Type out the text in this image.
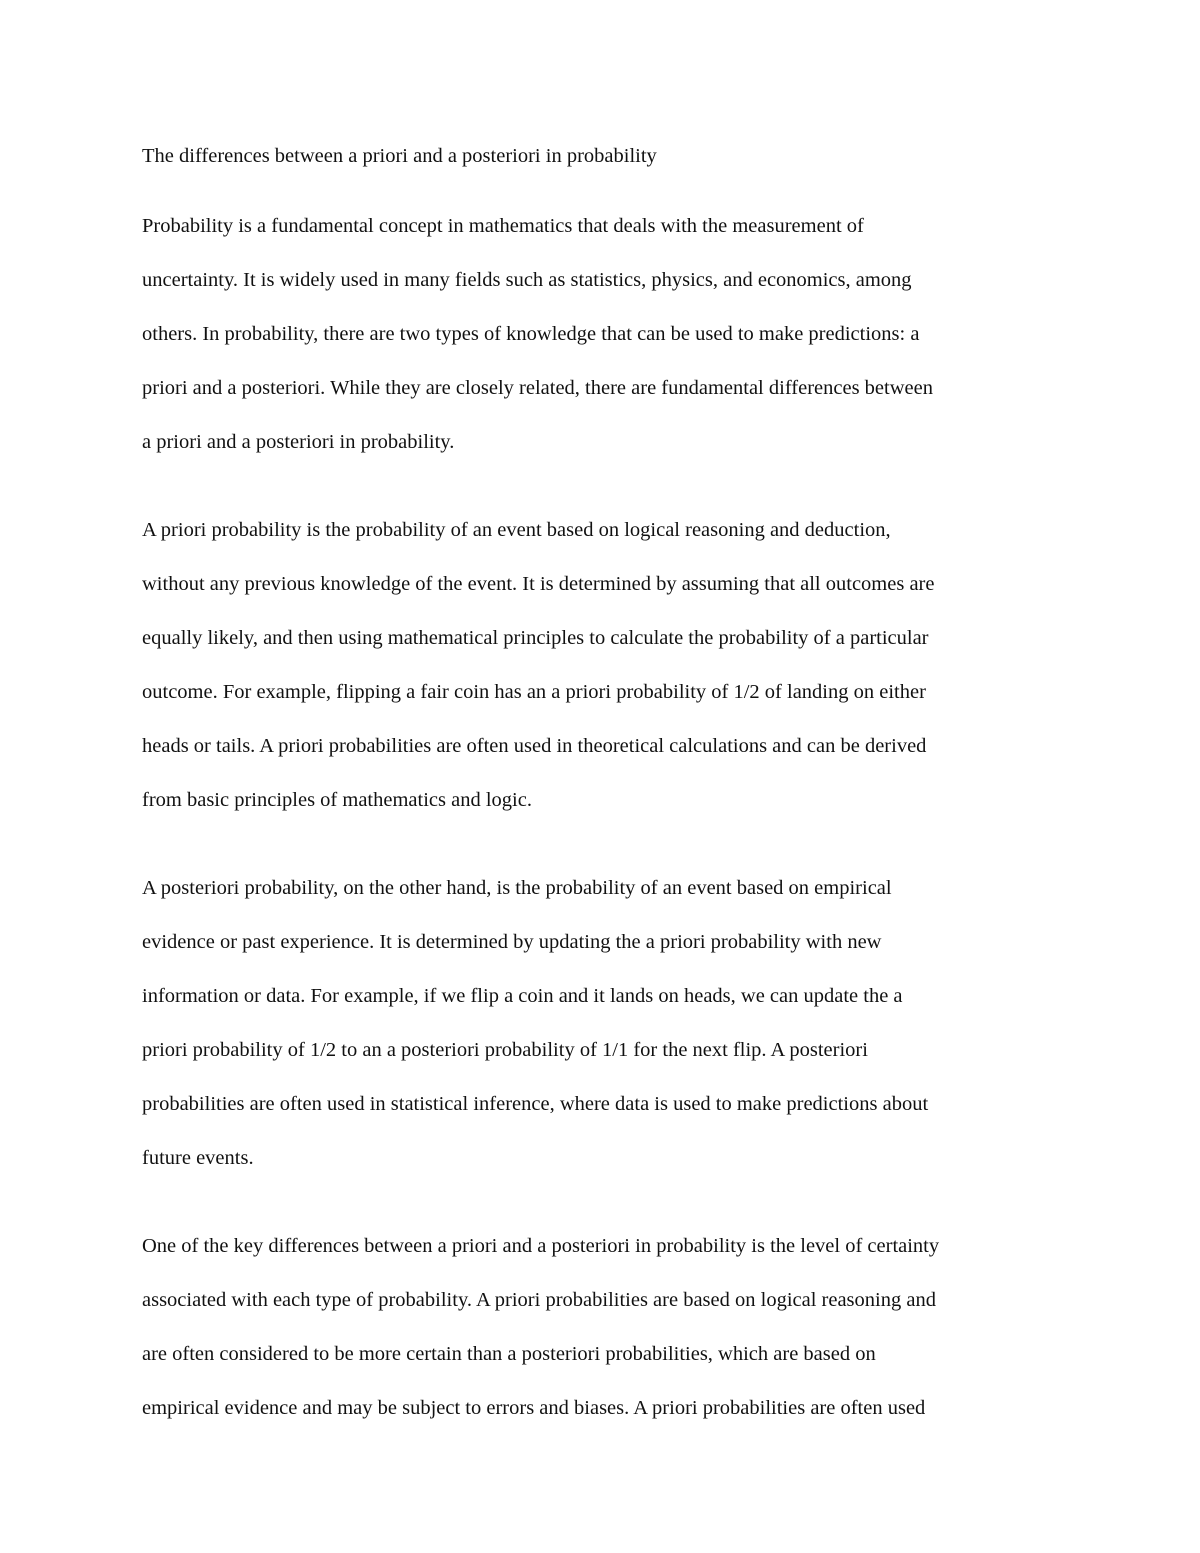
The differences between a priori and a posteriori in probability

Probability is a fundamental concept in mathematics that deals with the measurement of
uncertainty. It is widely used in many fields such as statistics, physics, and economics, among
others. In probability, there are two types of knowledge that can be used to make predictions: a
priori and a posteriori. While they are closely related, there are fundamental differences between
a priori and a posteriori in probability.

A priori probability is the probability of an event based on logical reasoning and deduction,
without any previous knowledge of the event. It is determined by assuming that all outcomes are
equally likely, and then using mathematical principles to calculate the probability of a particular
outcome. For example, flipping a fair coin has an a priori probability of 1/2 of landing on either
heads or tails. A priori probabilities are often used in theoretical calculations and can be derived
from basic principles of mathematics and logic.

A posteriori probability, on the other hand, is the probability of an event based on empirical
evidence or past experience. It is determined by updating the a priori probability with new
information or data. For example, if we flip a coin and it lands on heads, we can update the a
priori probability of 1/2 to an a posteriori probability of 1/1 for the next flip. A posteriori
probabilities are often used in statistical inference, where data is used to make predictions about
future events.

One of the key differences between a priori and a posteriori in probability is the level of certainty
associated with each type of probability. A priori probabilities are based on logical reasoning and
are often considered to be more certain than a posteriori probabilities, which are based on
empirical evidence and may be subject to errors and biases. A priori probabilities are often used
